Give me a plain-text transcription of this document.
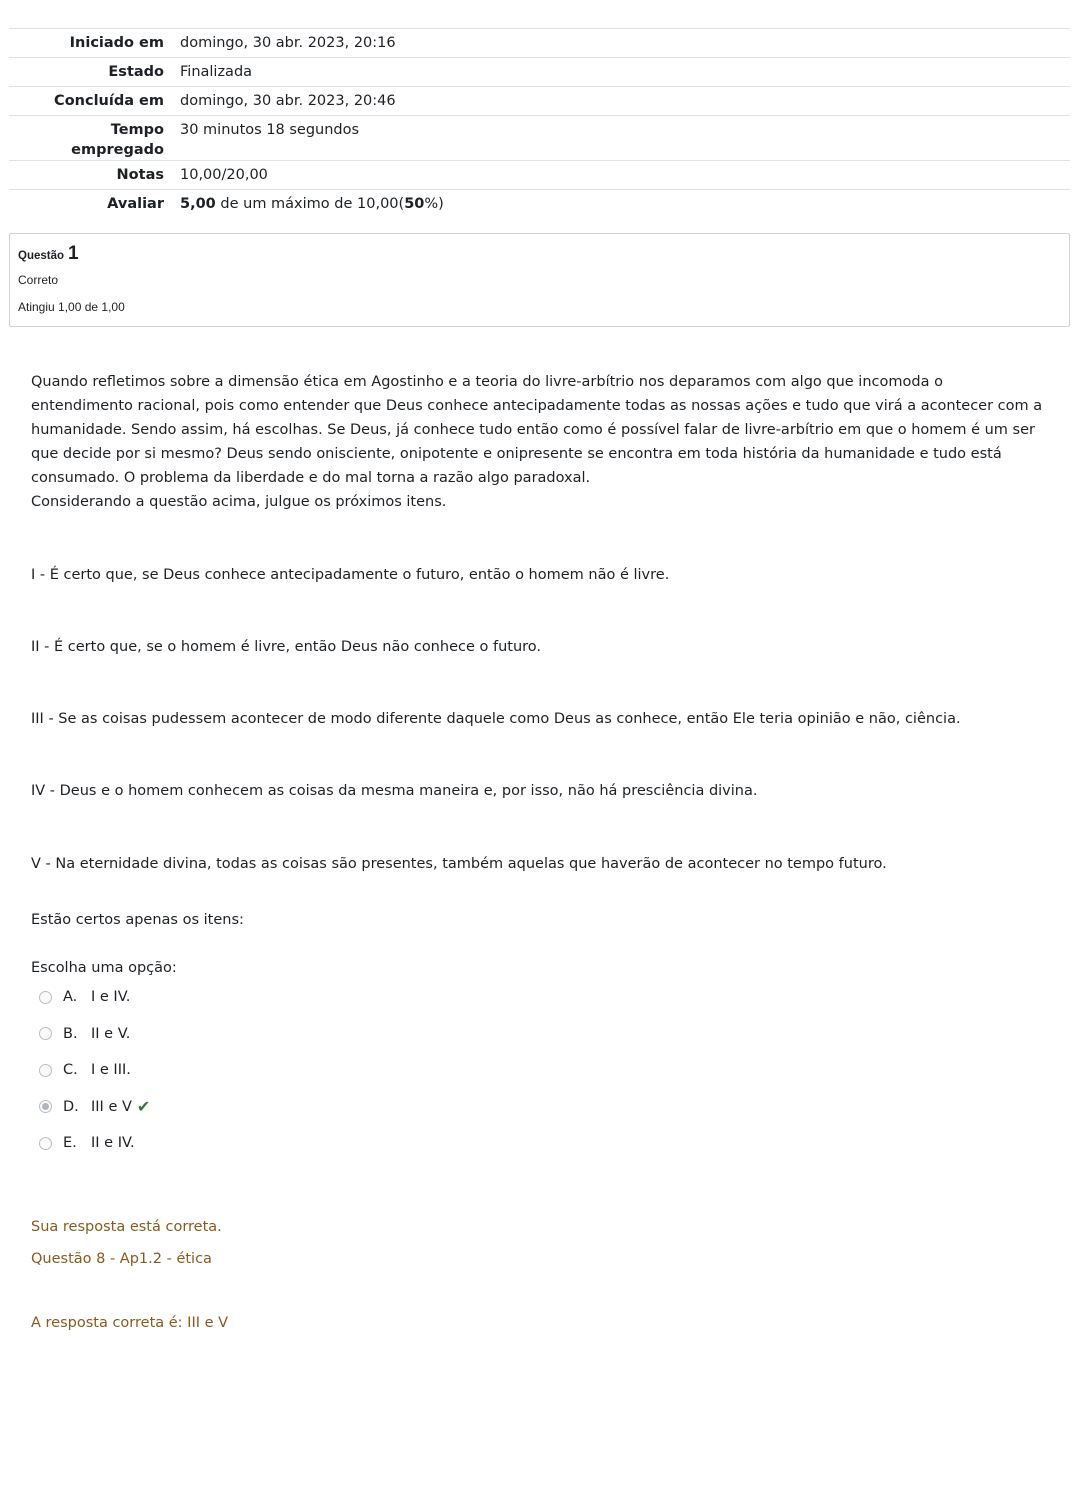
Iniciado em	domingo, 30 abr. 2023, 20:16
Estado	Finalizada
Concluída em	domingo, 30 abr. 2023, 20:46
Tempo
empregado	30 minutos 18 segundos
Notas	10,00/20,00
Avaliar	5,00 de um máximo de 10,00(50%)
Questão 1
Correto
Atingiu 1,00 de 1,00

Quando refletimos sobre a dimensão ética em Agostinho e a teoria do livre-arbítrio nos deparamos com algo que incomoda o entendimento racional, pois como entender que Deus conhece antecipadamente todas as nossas ações e tudo que virá a acontecer com a humanidade. Sendo assim, há escolhas. Se Deus, já conhece tudo então como é possível falar de livre-arbítrio em que o homem é um ser que decide por si mesmo? Deus sendo onisciente, onipotente e onipresente se encontra em toda história da humanidade e tudo está consumado. O problema da liberdade e do mal torna a razão algo paradoxal.

Considerando a questão acima, julgue os próximos itens.

I - É certo que, se Deus conhece antecipadamente o futuro, então o homem não é livre.
II - É certo que, se o homem é livre, então Deus não conhece o futuro.
III - Se as coisas pudessem acontecer de modo diferente daquele como Deus as conhece, então Ele teria opinião e não, ciência.
IV - Deus e o homem conhecem as coisas da mesma maneira e, por isso, não há presciência divina.
V - Na eternidade divina, todas as coisas são presentes, também aquelas que haverão de acontecer no tempo futuro.
Estão certos apenas os itens:
Escolha uma opção:
A. I e IV.
B. II e V.
C. I e III.
D. III e V ✔
E. II e IV.
Sua resposta está correta.
Questão 8 - Ap1.2 - ética
A resposta correta é: III e V
